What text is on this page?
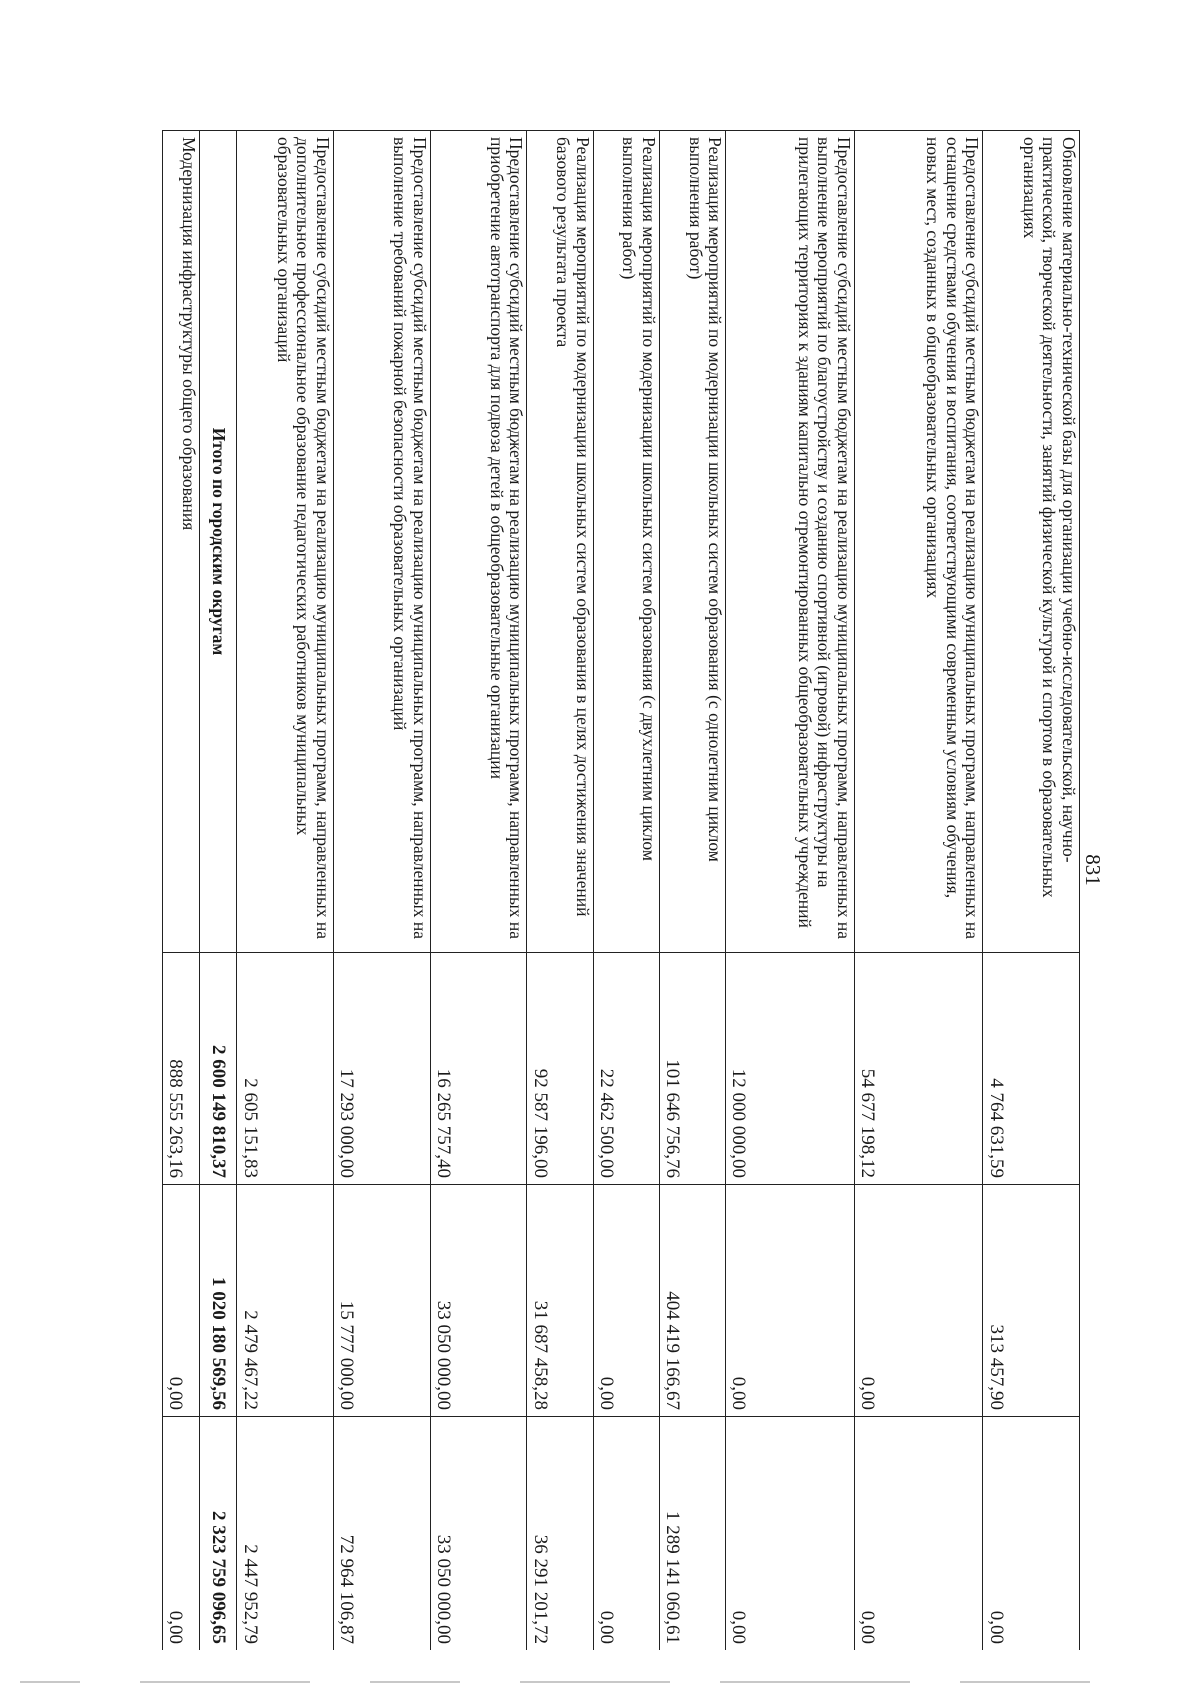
831
Обновление материально-технической базы для организации учебно-исследовательской, научно-практической, творческой деятельности, занятий физической культурой и спортом в образовательных организациях	4 764 631,59	313 457,90	0,00
Предоставление субсидий местным бюджетам на реализацию муниципальных программ, направленных на оснащение средствами обучения и воспитания, соответствующими современным условиям обучения, новых мест, созданных в общеобразовательных организациях	54 677 198,12	0,00	0,00
Предоставление субсидий местным бюджетам на реализацию муниципальных программ, направленных на выполнение мероприятий по благоустройству и созданию спортивной (игровой) инфраструктуры на прилегающих территориях к зданиям капитально отремонтированных общеобразовательных учреждений	12 000 000,00	0,00	0,00
Реализация мероприятий по модернизации школьных систем образования (с однолетним циклом выполнения работ)	101 646 756,76	404 419 166,67	1 289 141 060,61
Реализация мероприятий по модернизации школьных систем образования (с двухлетним циклом выполнения работ)	22 462 500,00	0,00	0,00
Реализация мероприятий по модернизации школьных систем образования в целях достижения значений базового результата проекта	92 587 196,00	31 687 458,28	36 291 201,72
Предоставление субсидий местным бюджетам на реализацию муниципальных программ, направленных на приобретение автотранспорта для подвоза детей в общеобразовательные организации	16 265 757,40	33 050 000,00	33 050 000,00
Предоставление субсидий местным бюджетам на реализацию муниципальных программ, направленных на выполнение требований пожарной безопасности образовательных организаций	17 293 000,00	15 777 000,00	72 964 106,87
Предоставление субсидий местным бюджетам на реализацию муниципальных программ, направленных на дополнительное профессиональное образование педагогических работников муниципальных образовательных организаций	2 605 151,83	2 479 467,22	2 447 952,79
Итого по городским округам	2 600 149 810,37	1 020 180 569,56	2 323 759 096,65
Модернизация инфраструктуры общего образования	888 555 263,16	0,00	0,00
